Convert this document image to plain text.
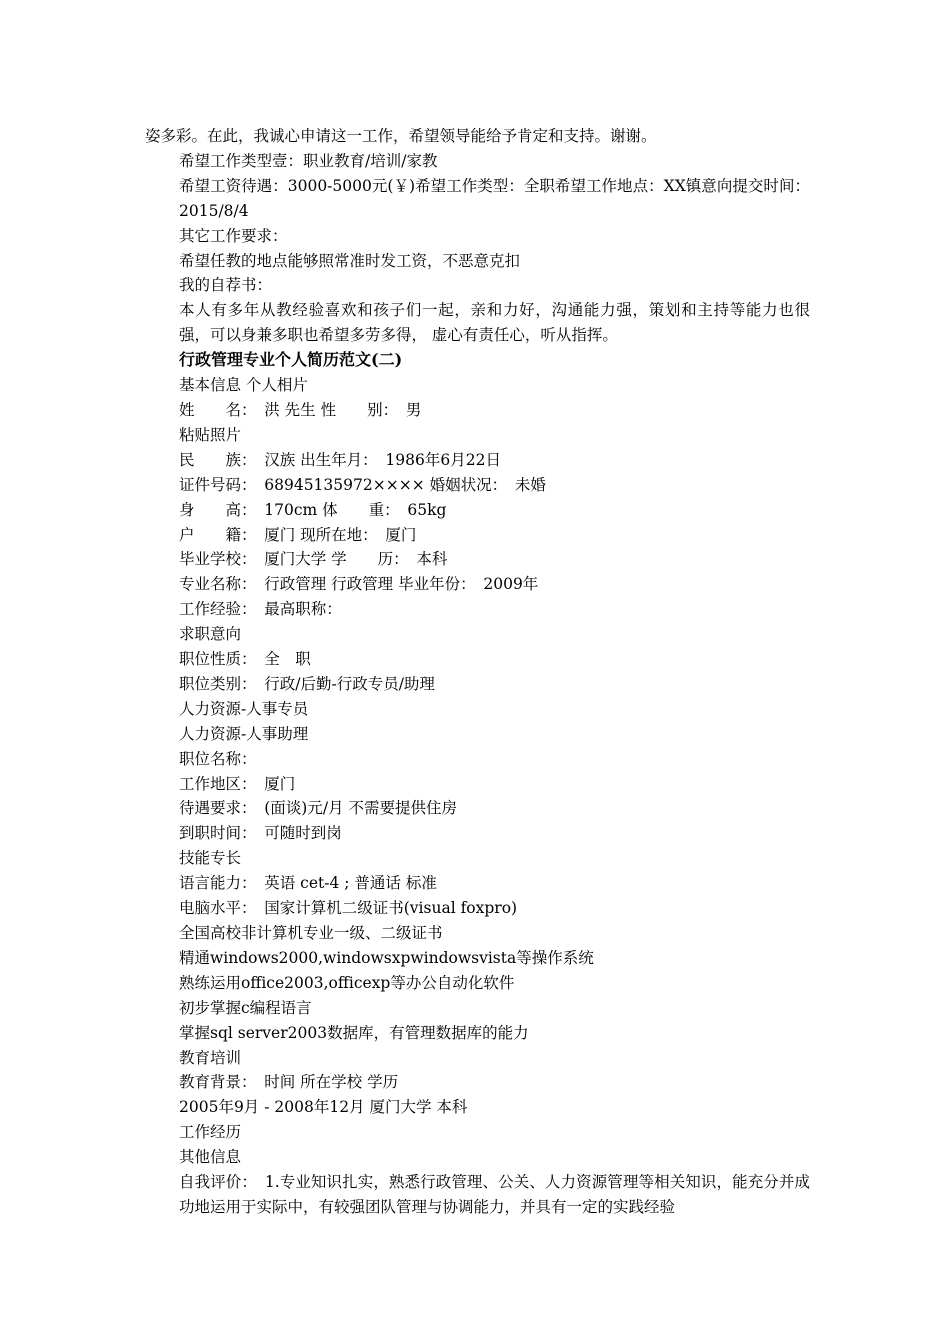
姿多彩。在此，我诚心申请这一工作，希望领导能给予肯定和支持。谢谢。

希望工作类型壹：职业教育/培训/家教

希望工资待遇：3000-5000元(￥)希望工作类型：全职希望工作地点：XX镇意向提交时间：2015/8/4

其它工作要求：

希望任教的地点能够照常准时发工资，不恶意克扣

我的自荐书：

本人有多年从教经验喜欢和孩子们一起，亲和力好，沟通能力强，策划和主持等能力也很强，可以身兼多职也希望多劳多得， 虚心有责任心，听从指挥。

行政管理专业个人简历范文(二)

基本信息 个人相片

姓　　名：　洪 先生 性　　别：　男

粘贴照片

民　　族：　汉族 出生年月：　1986年6月22日

证件号码：　68945135972×××× 婚姻状况：　未婚

身　　高：　170cm 体　　重：　65kg

户　　籍：　厦门 现所在地：　厦门

毕业学校：　厦门大学 学　　历：　本科

专业名称：　行政管理 行政管理 毕业年份：　2009年

工作经验：　最高职称：

求职意向

职位性质：　全　职

职位类别：　行政/后勤-行政专员/助理

人力资源-人事专员

人力资源-人事助理

职位名称：

工作地区：　厦门

待遇要求：　(面谈)元/月 不需要提供住房

到职时间：　可随时到岗

技能专长

语言能力：　英语 cet-4 ; 普通话 标准

电脑水平：　国家计算机二级证书(visual foxpro)

全国高校非计算机专业一级、二级证书

精通windows2000,windowsxpwindowsvista等操作系统

熟练运用office2003,officexp等办公自动化软件

初步掌握c编程语言

掌握sql server2003数据库，有管理数据库的能力

教育培训

教育背景：　时间 所在学校 学历

2005年9月 - 2008年12月 厦门大学 本科

工作经历

其他信息

自我评价：　1.专业知识扎实，熟悉行政管理、公关、人力资源管理等相关知识，能充分并成功地运用于实际中，有较强团队管理与协调能力，并具有一定的实践经验
